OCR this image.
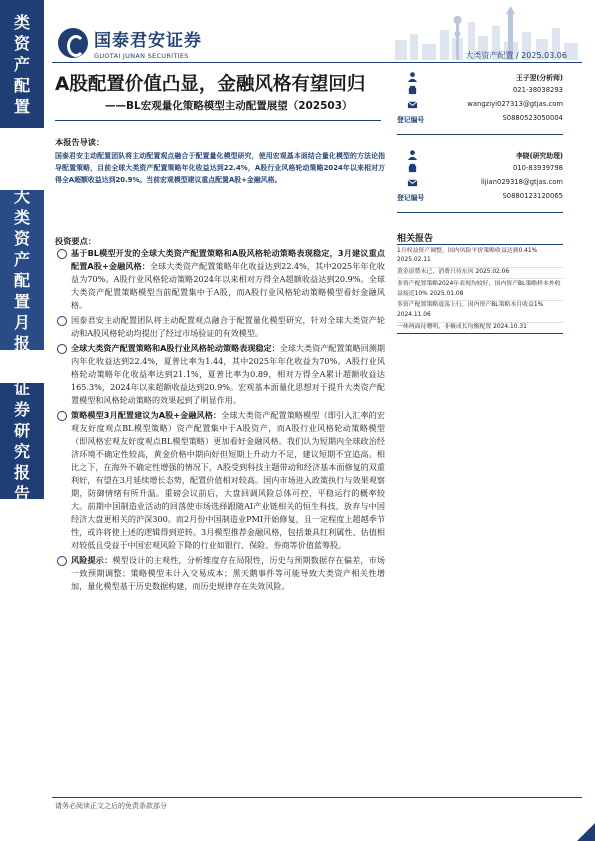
类
资
产
配
置
大
类
资
产
配
置
月
报
证
券
研
究
报
告
国泰君安证券
GUOTAI JUNAN SECURITIES	大类资产配置 / 2025.03.06
A股配置价值凸显，金融风格有望回归
——BL宏观量化策略模型主动配置展望（202503）
本报告导读：
国泰君安主动配置团队将主动配置观点融合于配置量化模型研究，使用宏观基本面结合量化模型的方法论指导配置策略，目前全球大类资产配置策略年化收益达到22.4%，A股行业风格轮动策略2024年以来相对万得全A超额收益达到20.9%。当前宏观模型建议重点配置A股+金融风格。
投资要点：
基于BL模型开发的全球大类资产配置策略和A股风格轮动策略表现稳定，3月建议重点配置A股+金融风格：全球大类资产配置策略年化收益达到22.4%，其中2025年年化收益为70%。A股行业风格轮动策略2024年以来相对万得全A超额收益达到20.9%。全球大类资产配置策略模型当前配置集中于A股，而A股行业风格轮动策略模型看好金融风格。
国泰君安主动配置团队将主动配置观点融合于配置量化模型研究，针对全球大类资产轮动和A股风格轮动均提出了经过市场验证的有效模型。
全球大类资产配置策略和A股行业风格轮动策略表现稳定：全球大类资产配置策略回测期内年化收益达到22.4%，夏普比率为1.44，其中2025年年化收益为70%。A股行业风格轮动策略年化收益率达到21.1%，夏普比率为0.89，相对万得全A累计超额收益达165.3%，2024年以来超额收益达到20.9%。宏观基本面量化思想对于提升大类资产配置模型和风格轮动策略的效果起到了明显作用。
策略模型3月配置建议为A股+金融风格：全球大类资产配置策略模型（即引入汇率的宏观友好度观点BL模型策略）资产配置集中于A股资产，而A股行业风格轮动策略模型（即风格宏观友好度观点BL模型策略）更加看好金融风格。我们认为短期内全球政治经济环境不确定性较高，黄金价格中期向好但短期上升动力不足，建议短期不宜追高。相比之下，在海外不确定性增强的情况下，A股受到科技主题带动和经济基本面修复的双重利好，有望在3月延续增长态势，配置价值相对较高。国内市场进入政策执行与效果观察期，防御情绪有所升温。重磅会议前后，大盘回调风险总体可控，平稳运行的概率较大。前期中国制造业活动的回落使市场选择跟随AI产业链相关的恒生科技，放弃与中国经济大盘更相关的沪深300。而2月份中国制造业PMI开始修复，且一定程度上超越季节性，或许将使上述的逻辑得到逆转。3月模型推荐金融风格，包括兼具红利属性、估值相对较低且受益于中国宏观风险下降的行业如银行、保险、券商等价值蓝筹股。
风险提示：模型设计的主观性，分析维度存在局限性，历史与预期数据存在偏差，市场一致预期调整；策略模型未计入交易成本；黑天鹅事件等可能导致大类资产相关性增加，量化模型基于历史数据构建，而历史规律存在失效风险。
王子翌(分析师)
021-38038293
wangziyi027313@gtjas.com
登记编号	S0880523050004
李晓(研究助理)
010-83939798
lijian029318@gtjas.com
登记编号	S0880123120065
相关报告
1月权益资产调整，国内风险平价策略收益达到0.41% 2025.02.11
黄金添赞未已，消费只待东风 2025.02.06
多资产配置策略2024年表现均较好，国内资产BL策略样本外收益接近10% 2025.01.08
多资产配置策略震荡上行，国内资产BL策略本月收益1% 2024.11.06
一体两面待曙明，非极成长均衡配置 2024.10.31
请务必阅读正文之后的免责条款部分
